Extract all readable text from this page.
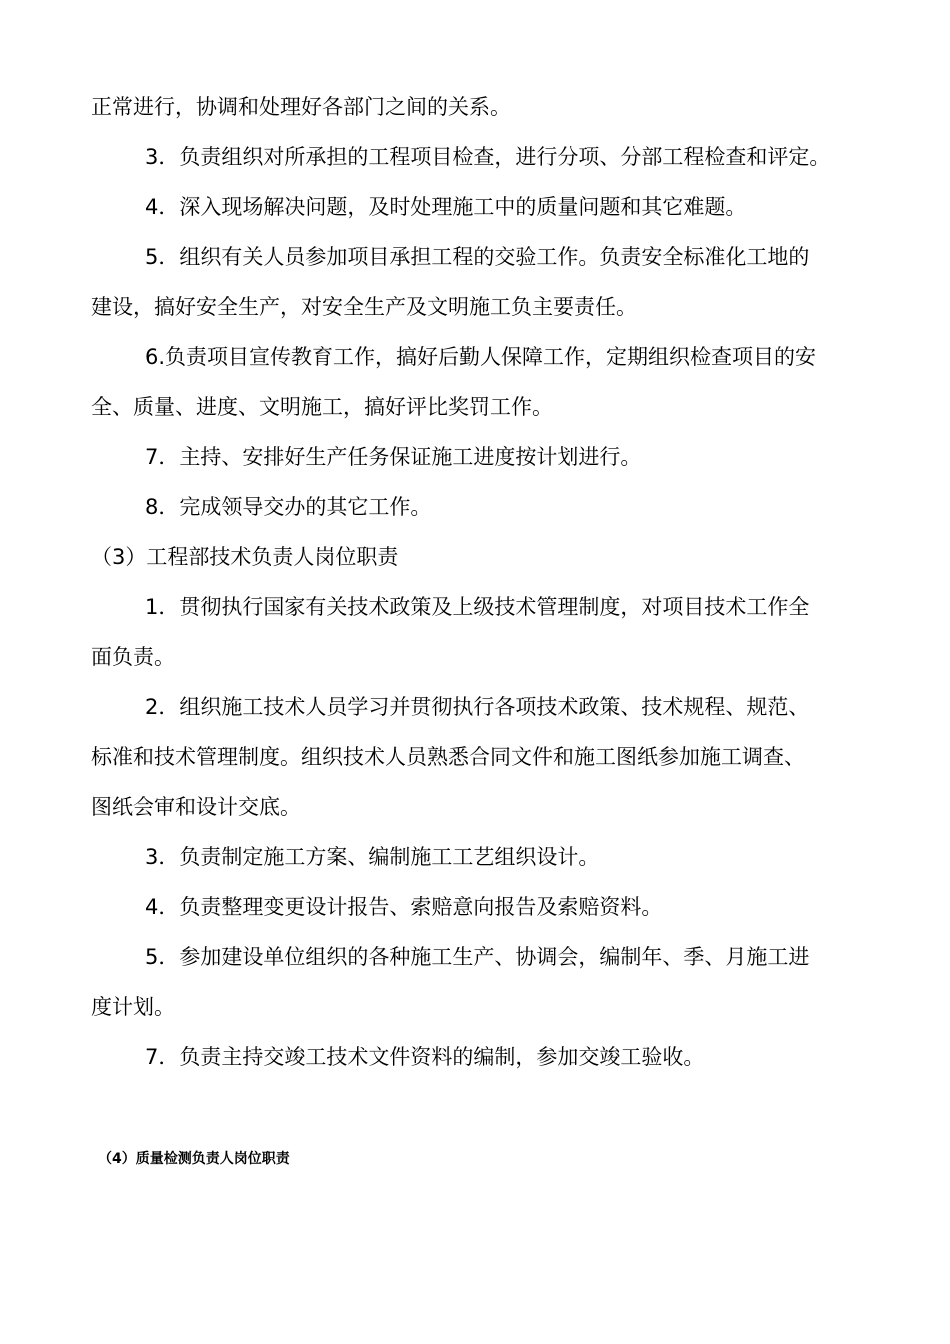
正常进行，协调和处理好各部门之间的关系。
3．负责组织对所承担的工程项目检查，进行分项、分部工程检查和评定。
4．深入现场解决问题，及时处理施工中的质量问题和其它难题。
5．组织有关人员参加项目承担工程的交验工作。负责安全标准化工地的
建设，搞好安全生产，对安全生产及文明施工负主要责任。
6.负责项目宣传教育工作，搞好后勤人保障工作，定期组织检查项目的安
全、质量、进度、文明施工，搞好评比奖罚工作。
7．主持、安排好生产任务保证施工进度按计划进行。
8．完成领导交办的其它工作。
（3）工程部技术负责人岗位职责
1．贯彻执行国家有关技术政策及上级技术管理制度，对项目技术工作全
面负责。
2．组织施工技术人员学习并贯彻执行各项技术政策、技术规程、规范、
标准和技术管理制度。组织技术人员熟悉合同文件和施工图纸参加施工调查、
图纸会审和设计交底。
3．负责制定施工方案、编制施工工艺组织设计。
4．负责整理变更设计报告、索赔意向报告及索赔资料。
5．参加建设单位组织的各种施工生产、协调会，编制年、季、月施工进
度计划。
7．负责主持交竣工技术文件资料的编制，参加交竣工验收。
（4）质量检测负责人岗位职责
